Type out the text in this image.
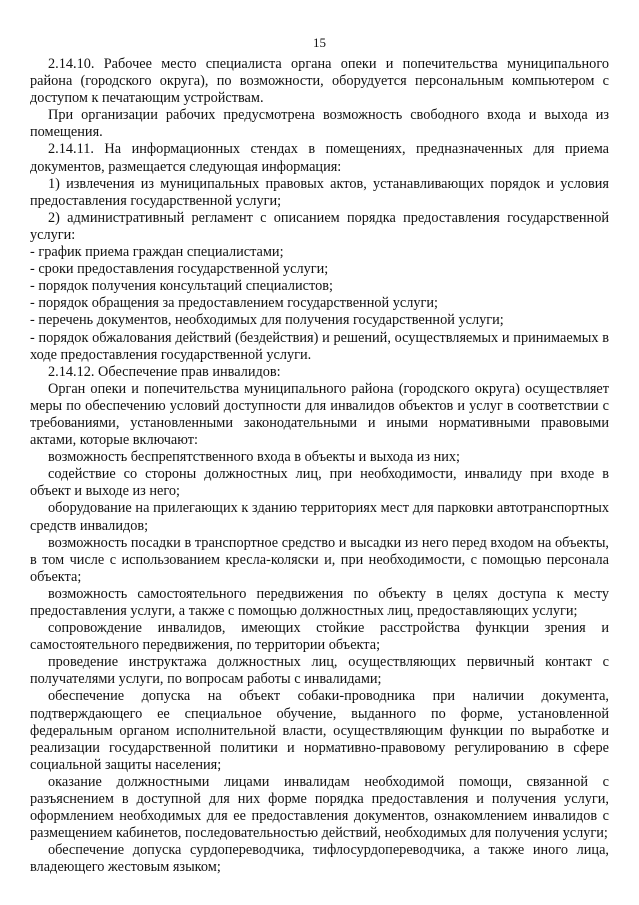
15

2.14.10. Рабочее место специалиста органа опеки и попечительства муниципального района (городского округа), по возможности, оборудуется персональным компьютером с доступом к печатающим устройствам.

При организации рабочих предусмотрена возможность свободного входа и выхода из помещения.

2.14.11. На информационных стендах в помещениях, предназначенных для приема документов, размещается следующая информация:

1) извлечения из муниципальных правовых актов, устанавливающих порядок и условия предоставления государственной услуги;

2) административный регламент с описанием порядка предоставления государственной услуги:

- график приема граждан специалистами;

- сроки предоставления государственной услуги;

- порядок получения консультаций специалистов;

- порядок обращения за предоставлением государственной услуги;

- перечень документов, необходимых для получения государственной услуги;

- порядок обжалования действий (бездействия) и решений, осуществляемых и принимаемых в ходе предоставления государственной услуги.

2.14.12. Обеспечение прав инвалидов:

Орган опеки и попечительства муниципального района (городского округа) осуществляет меры по обеспечению условий доступности для инвалидов объектов и услуг в соответствии с требованиями, установленными законодательными и иными нормативными правовыми актами, которые включают:

возможность беспрепятственного входа в объекты и выхода из них;

содействие со стороны должностных лиц, при необходимости, инвалиду при входе в объект и выходе из него;

оборудование на прилегающих к зданию территориях мест для парковки автотранспортных средств инвалидов;

возможность посадки в транспортное средство и высадки из него перед входом на объекты, в том числе с использованием кресла-коляски и, при необходимости, с помощью персонала объекта;

возможность самостоятельного передвижения по объекту в целях доступа к месту предоставления услуги, а также с помощью должностных лиц, предоставляющих услуги;

сопровождение инвалидов, имеющих стойкие расстройства функции зрения и самостоятельного передвижения, по территории объекта;

проведение инструктажа должностных лиц, осуществляющих первичный контакт с получателями услуги, по вопросам работы с инвалидами;

обеспечение допуска на объект собаки-проводника при наличии документа, подтверждающего ее специальное обучение, выданного по форме, установленной федеральным органом исполнительной власти, осуществляющим функции по выработке и реализации государственной политики и нормативно-правовому регулированию в сфере социальной защиты населения;

оказание должностными лицами инвалидам необходимой помощи, связанной с разъяснением в доступной для них форме порядка предоставления и получения услуги, оформлением необходимых для ее предоставления документов, ознакомлением инвалидов с размещением кабинетов, последовательностью действий, необходимых для получения услуги;

обеспечение допуска сурдопереводчика, тифлосурдопереводчика, а также иного лица, владеющего жестовым языком;
